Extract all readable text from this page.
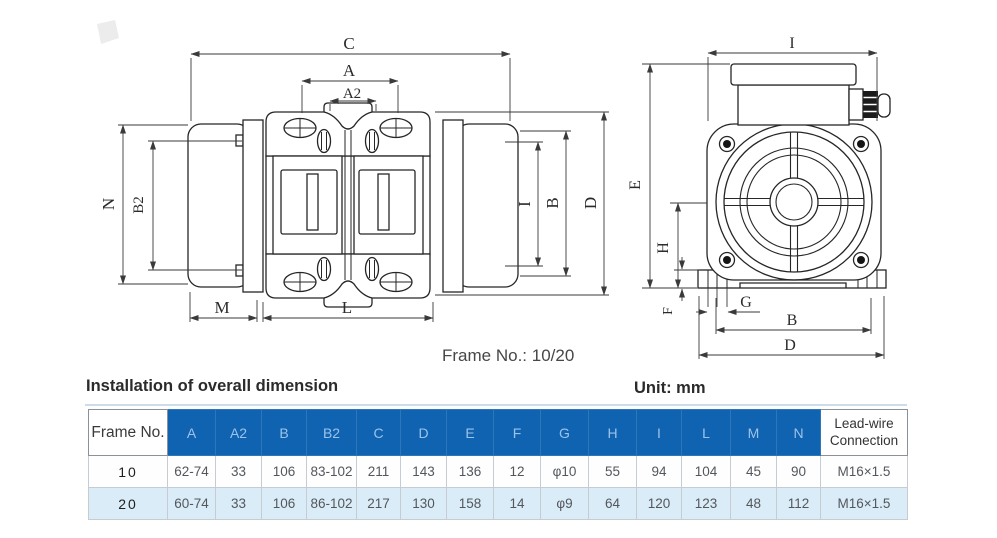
C
A
A2
N B2	I B D
M	L
I
E
H
F	G
B
D
Frame No.: 10/20
Installation of overall dimension	Unit: mm
Frame No.	A	A2	B	B2	C	D	E	F	G	H	I	L	M	N	Lead-wire Connection
10	62-74	33	106	83-102	211	143	136	12	φ10	55	94	104	45	90	M16×1.5
20	60-74	33	106	86-102	217	130	158	14	φ9	64	120	123	48	112	M16×1.5
